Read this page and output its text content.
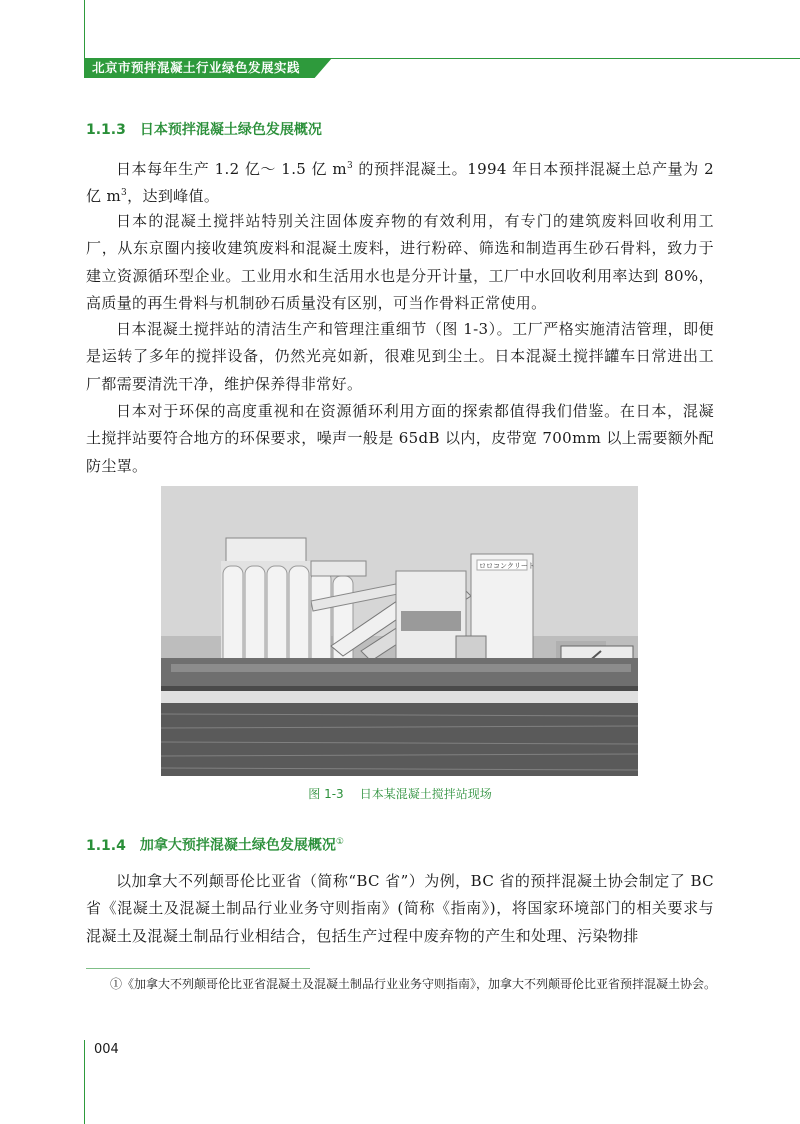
北京市预拌混凝土行业绿色发展实践
1.1.3 日本预拌混凝土绿色发展概况

日本每年生产 1.2 亿～ 1.5 亿 $m^3$ 的预拌混凝土。1994 年日本预拌混凝土总产量为 2 亿 $m^3$，达到峰值。

日本的混凝土搅拌站特别关注固体废弃物的有效利用，有专门的建筑废料回收利用工厂，从东京圈内接收建筑废料和混凝土废料，进行粉碎、筛选和制造再生砂石骨料，致力于建立资源循环型企业。工业用水和生活用水也是分开计量，工厂中水回收利用率达到 80%，高质量的再生骨料与机制砂石质量没有区别，可当作骨料正常使用。

日本混凝土搅拌站的清洁生产和管理注重细节（图 1-3）。工厂严格实施清洁管理，即便是运转了多年的搅拌设备，仍然光亮如新，很难见到尘土。日本混凝土搅拌罐车日常进出工厂都需要清洗干净，维护保养得非常好。

日本对于环保的高度重视和在资源循环利用方面的探索都值得我们借鉴。在日本，混凝土搅拌站要符合地方的环保要求，噪声一般是 65dB 以内，皮带宽 700mm 以上需要额外配防尘罩。

ロロコンクリート
图 1-3 日本某混凝土搅拌站现场
1.1.4 加拿大预拌混凝土绿色发展概况①

以加拿大不列颠哥伦比亚省（简称“BC 省”）为例，BC 省的预拌混凝土协会制定了 BC 省《混凝土及混凝土制品行业业务守则指南》(简称《指南》)，将国家环境部门的相关要求与混凝土及混凝土制品行业相结合，包括生产过程中废弃物的产生和处理、污染物排

①《加拿大不列颠哥伦比亚省混凝土及混凝土制品行业业务守则指南》，加拿大不列颠哥伦比亚省预拌混凝土协会。

004
